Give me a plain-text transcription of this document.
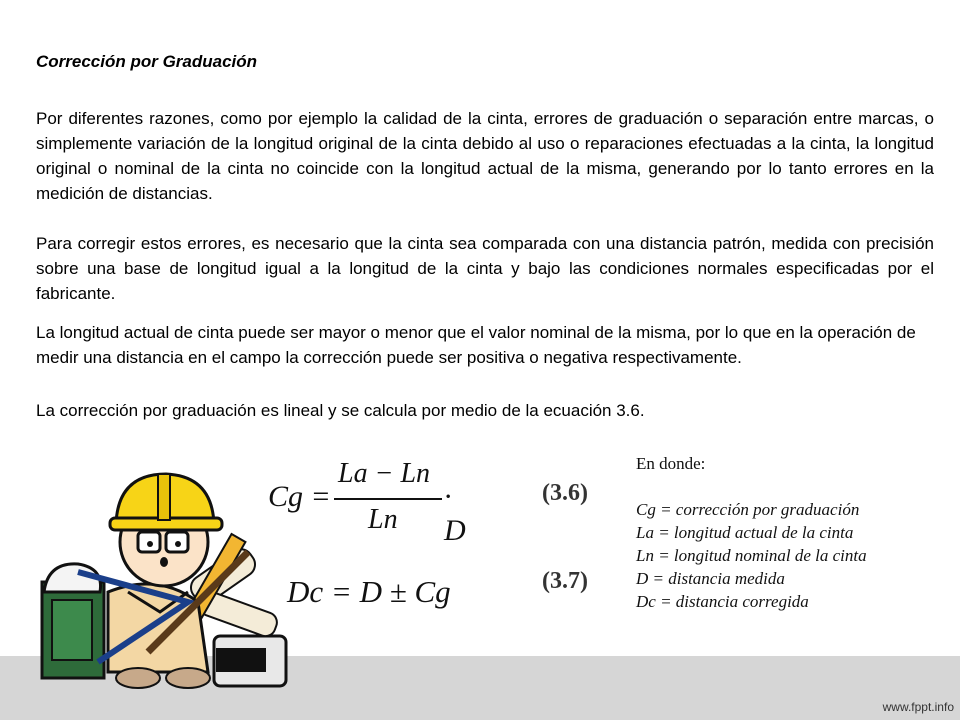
Corrección por Graduación

Por diferentes razones, como por ejemplo la calidad de la cinta, errores de graduación o separación entre marcas, o simplemente variación de la longitud original de la cinta debido al uso o reparaciones efectuadas a la cinta, la longitud original o nominal de la cinta no coincide con la longitud actual de la misma, generando por lo tanto errores en la medición de distancias.

Para corregir estos errores, es necesario que la cinta sea comparada con una distancia patrón, medida con precisión sobre una base de longitud igual a la longitud de la cinta y bajo las condiciones normales especificadas por el fabricante.

La longitud actual de cinta puede ser mayor o menor que el valor nominal de la misma, por lo que en la operación de medir una distancia en el campo la corrección puede ser positiva o negativa respectivamente.

La corrección por graduación es lineal y se calcula por medio de la ecuación 3.6.

www.fppt.info
Cg =
La − Ln
Ln
· D
(3.6)
Dc = D ± Cg	(3.7)
En donde:
Cg = corrección por graduación
La = longitud actual de la cinta
Ln = longitud nominal de la cinta
D = distancia medida
Dc = distancia corregida
